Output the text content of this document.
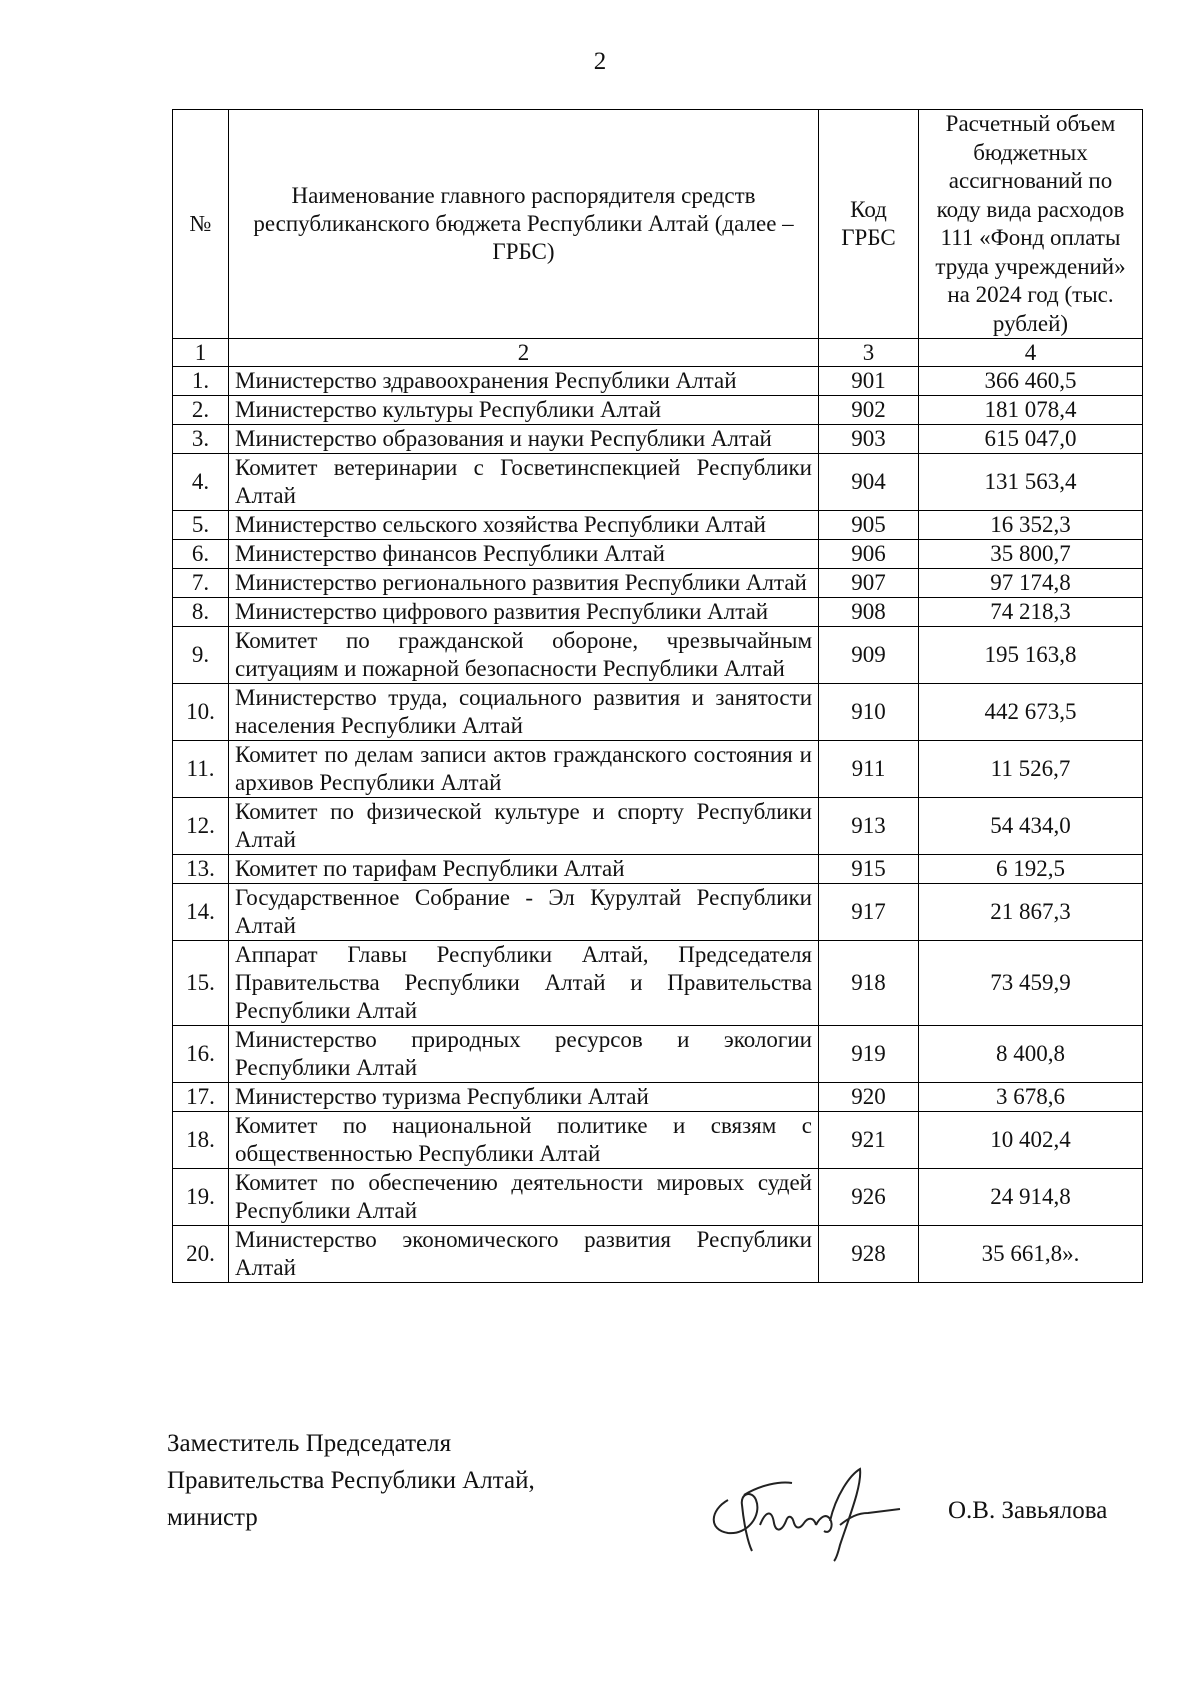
2
№	Наименование главного распорядителя средств республиканского бюджета Республики Алтай (далее – ГРБС)	Код ГРБС	Расчетный объем бюджетных ассигнований по коду вида расходов 111 «Фонд оплаты труда учреждений» на 2024 год (тыс. рублей)
1	2	3	4
1.	Министерство здравоохранения Республики Алтай	901	366 460,5
2.	Министерство культуры Республики Алтай	902	181 078,4
3.	Министерство образования и науки Республики Алтай	903	615 047,0
4.	Комитет ветеринарии с Госветинспекцией Республики Алтай	904	131 563,4
5.	Министерство сельского хозяйства Республики Алтай	905	16 352,3
6.	Министерство финансов Республики Алтай	906	35 800,7
7.	Министерство регионального развития Республики Алтай	907	97 174,8
8.	Министерство цифрового развития Республики Алтай	908	74 218,3
9.	Комитет по гражданской обороне, чрезвычайным ситуациям и пожарной безопасности Республики Алтай	909	195 163,8
10.	Министерство труда, социального развития и занятости населения Республики Алтай	910	442 673,5
11.	Комитет по делам записи актов гражданского состояния и архивов Республики Алтай	911	11 526,7
12.	Комитет по физической культуре и спорту Республики Алтай	913	54 434,0
13.	Комитет по тарифам Республики Алтай	915	6 192,5
14.	Государственное Собрание - Эл Курултай Республики Алтай	917	21 867,3
15.	Аппарат Главы Республики Алтай, Председателя Правительства Республики Алтай и Правительства Республики Алтай	918	73 459,9
16.	Министерство природных ресурсов и экологии Республики Алтай	919	8 400,8
17.	Министерство туризма Республики Алтай	920	3 678,6
18.	Комитет по национальной политике и связям с общественностью Республики Алтай	921	10 402,4
19.	Комитет по обеспечению деятельности мировых судей Республики Алтай	926	24 914,8
20.	Министерство экономического развития Республики Алтай	928	35 661,8».
Заместитель Председателя
Правительства Республики Алтай,
министр	О.В. Завьялова
